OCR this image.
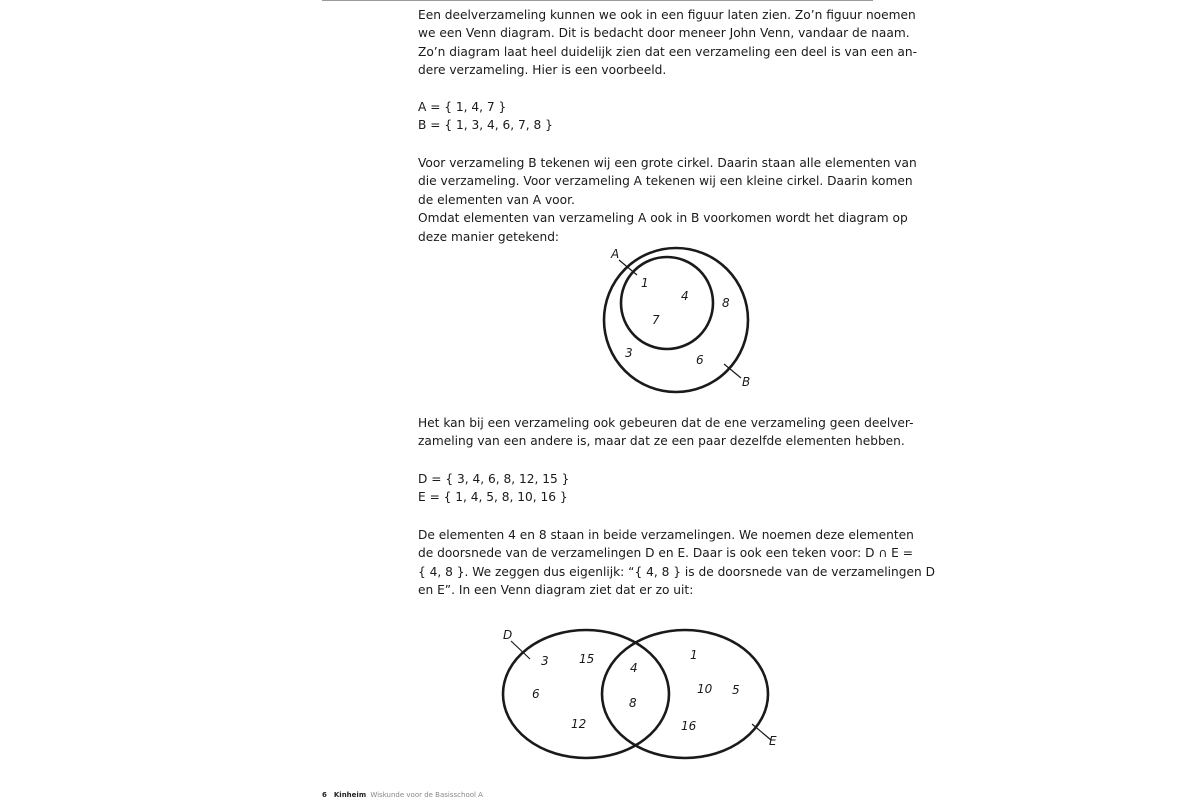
Een deelverzameling kunnen we ook in een figuur laten zien. Zo’n figuur noemen
we een Venn diagram. Dit is bedacht door meneer John Venn, vandaar de naam.
Zo’n diagram laat heel duidelijk zien dat een verzameling een deel is van een an-
dere verzameling. Hier is een voorbeeld.

A = { 1, 4, 7 }
B = { 1, 3, 4, 6, 7, 8 }

Voor verzameling B tekenen wij een grote cirkel. Daarin staan alle elementen van
die verzameling. Voor verzameling A tekenen wij een kleine cirkel. Daarin komen
de elementen van A voor.
Omdat elementen van verzameling A ook in B voorkomen wordt het diagram op
deze manier getekend:

A
B
1
4
7
8
3	6

Het kan bij een verzameling ook gebeuren dat de ene verzameling geen deelver-
zameling van een andere is, maar dat ze een paar dezelfde elementen hebben.

D = { 3, 4, 6, 8, 12, 15 }
E = { 1, 4, 5, 8, 10, 16 }

De elementen 4 en 8 staan in beide verzamelingen. We noemen deze elementen
de doorsnede van de verzamelingen D en E. Daar is ook een teken voor: D ∩ E =
{ 4, 8 }. We zeggen dus eigenlijk: “{ 4, 8 } is de doorsnede van de verzamelingen D
en E”. In een Venn diagram ziet dat er zo uit:

D
E
3	15
6
12
4
8
1
10 5
16
6 Kinheim Wiskunde voor de Basisschool A
